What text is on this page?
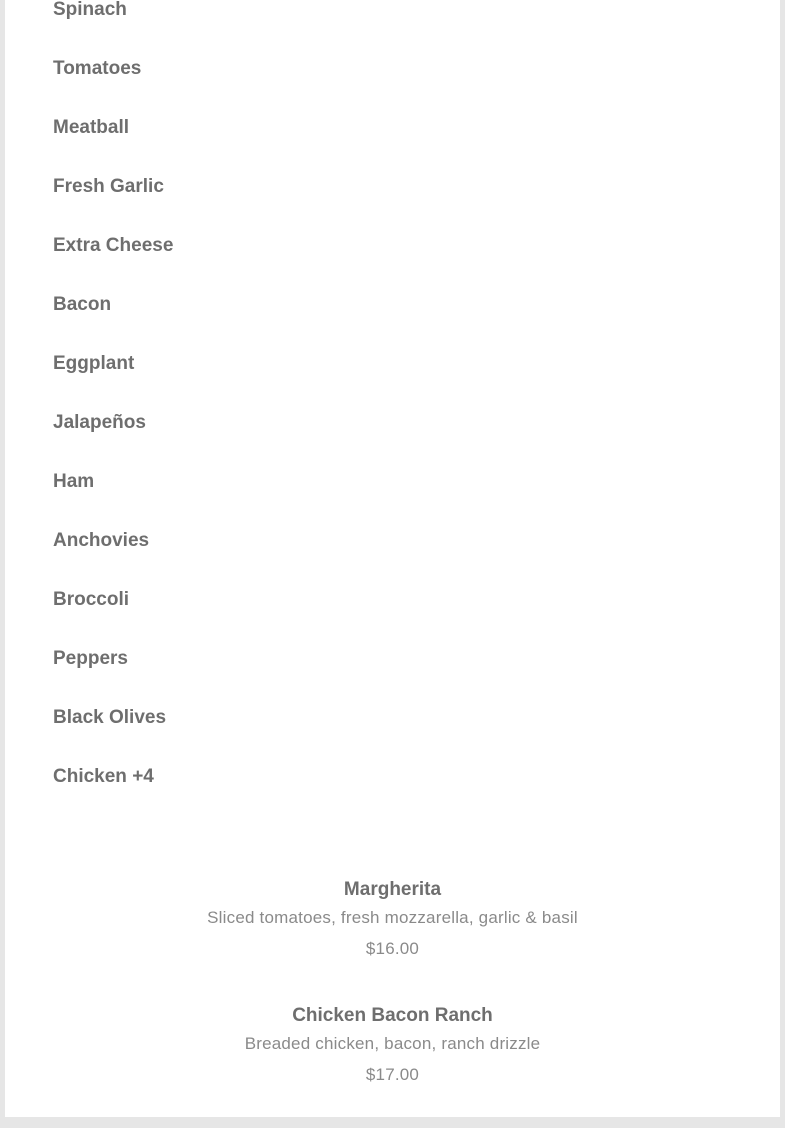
Spinach
Tomatoes
Meatball
Fresh Garlic
Extra Cheese
Bacon
Eggplant
Jalapeños
Ham
Anchovies
Broccoli
Peppers
Black Olives
Chicken +4
Margherita
Sliced tomatoes, fresh mozzarella, garlic & basil
$16.00
Chicken Bacon Ranch
Breaded chicken, bacon, ranch drizzle
$17.00
